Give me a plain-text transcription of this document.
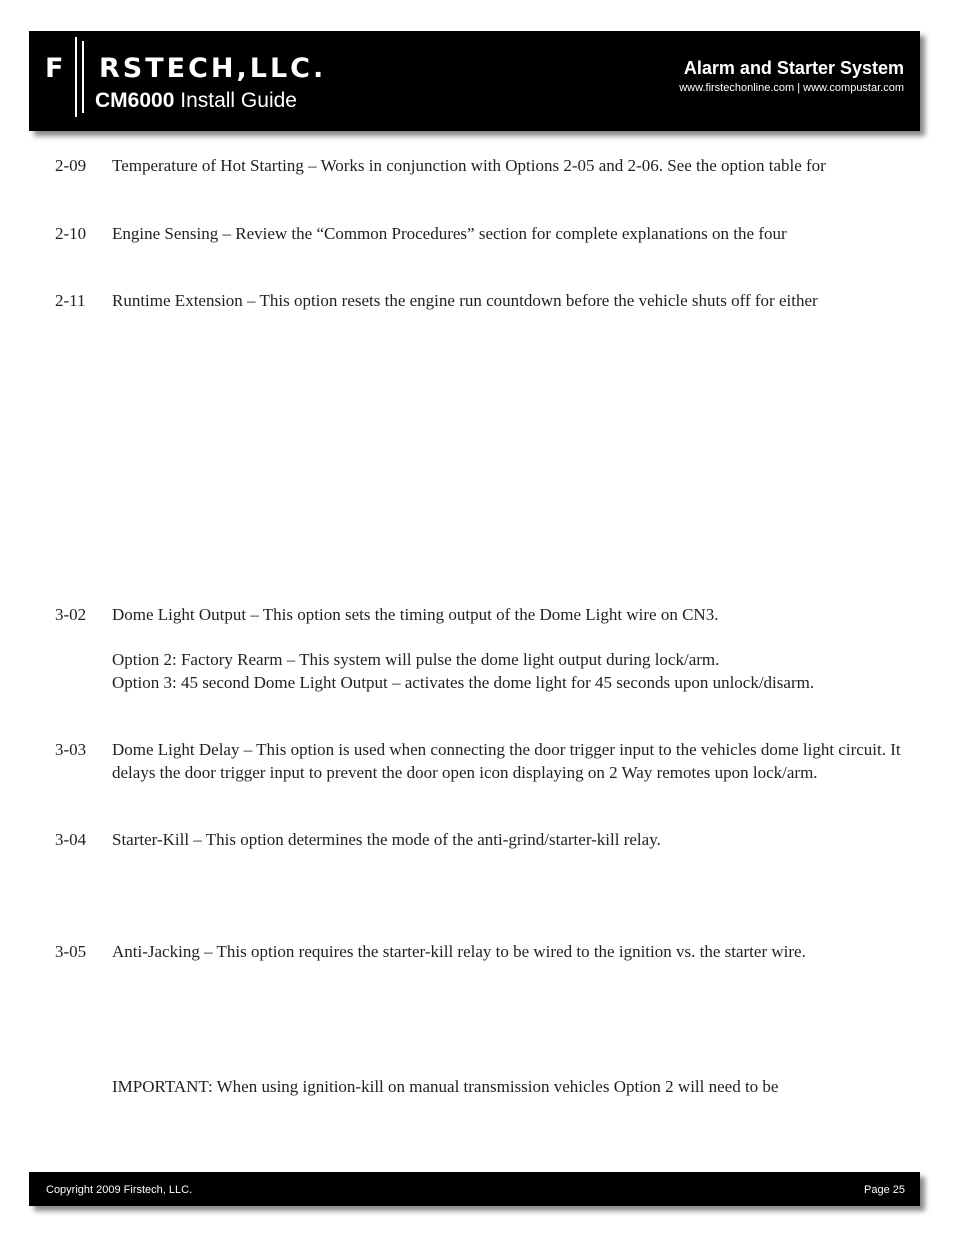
F RSTECH,LLC.
CM6000 Install Guide
Alarm and Starter System
www.firstechonline.com | www.compustar.com
2-09 Temperature of Hot Starting – Works in conjunction with Options 2-05 and 2-06. See the option table for
2-10 Engine Sensing – Review the “Common Procedures” section for complete explanations on the four
2-11 Runtime Extension – This option resets the engine run countdown before the vehicle shuts off for either
3-02 Dome Light Output – This option sets the timing output of the Dome Light wire on CN3.
Option 2: Factory Rearm – This system will pulse the dome light output during lock/arm.
Option 3: 45 second Dome Light Output – activates the dome light for 45 seconds upon unlock/disarm.
3-03 Dome Light Delay – This option is used when connecting the door trigger input to the vehicles dome light circuit. It delays the door trigger input to prevent the door open icon displaying on 2 Way remotes upon lock/arm.
3-04 Starter-Kill – This option determines the mode of the anti-grind/starter-kill relay.
3-05 Anti-Jacking – This option requires the starter-kill relay to be wired to the ignition vs. the starter wire.
IMPORTANT: When using ignition-kill on manual transmission vehicles Option 2 will need to be
Copyright 2009 Firstech, LLC.	Page 25
